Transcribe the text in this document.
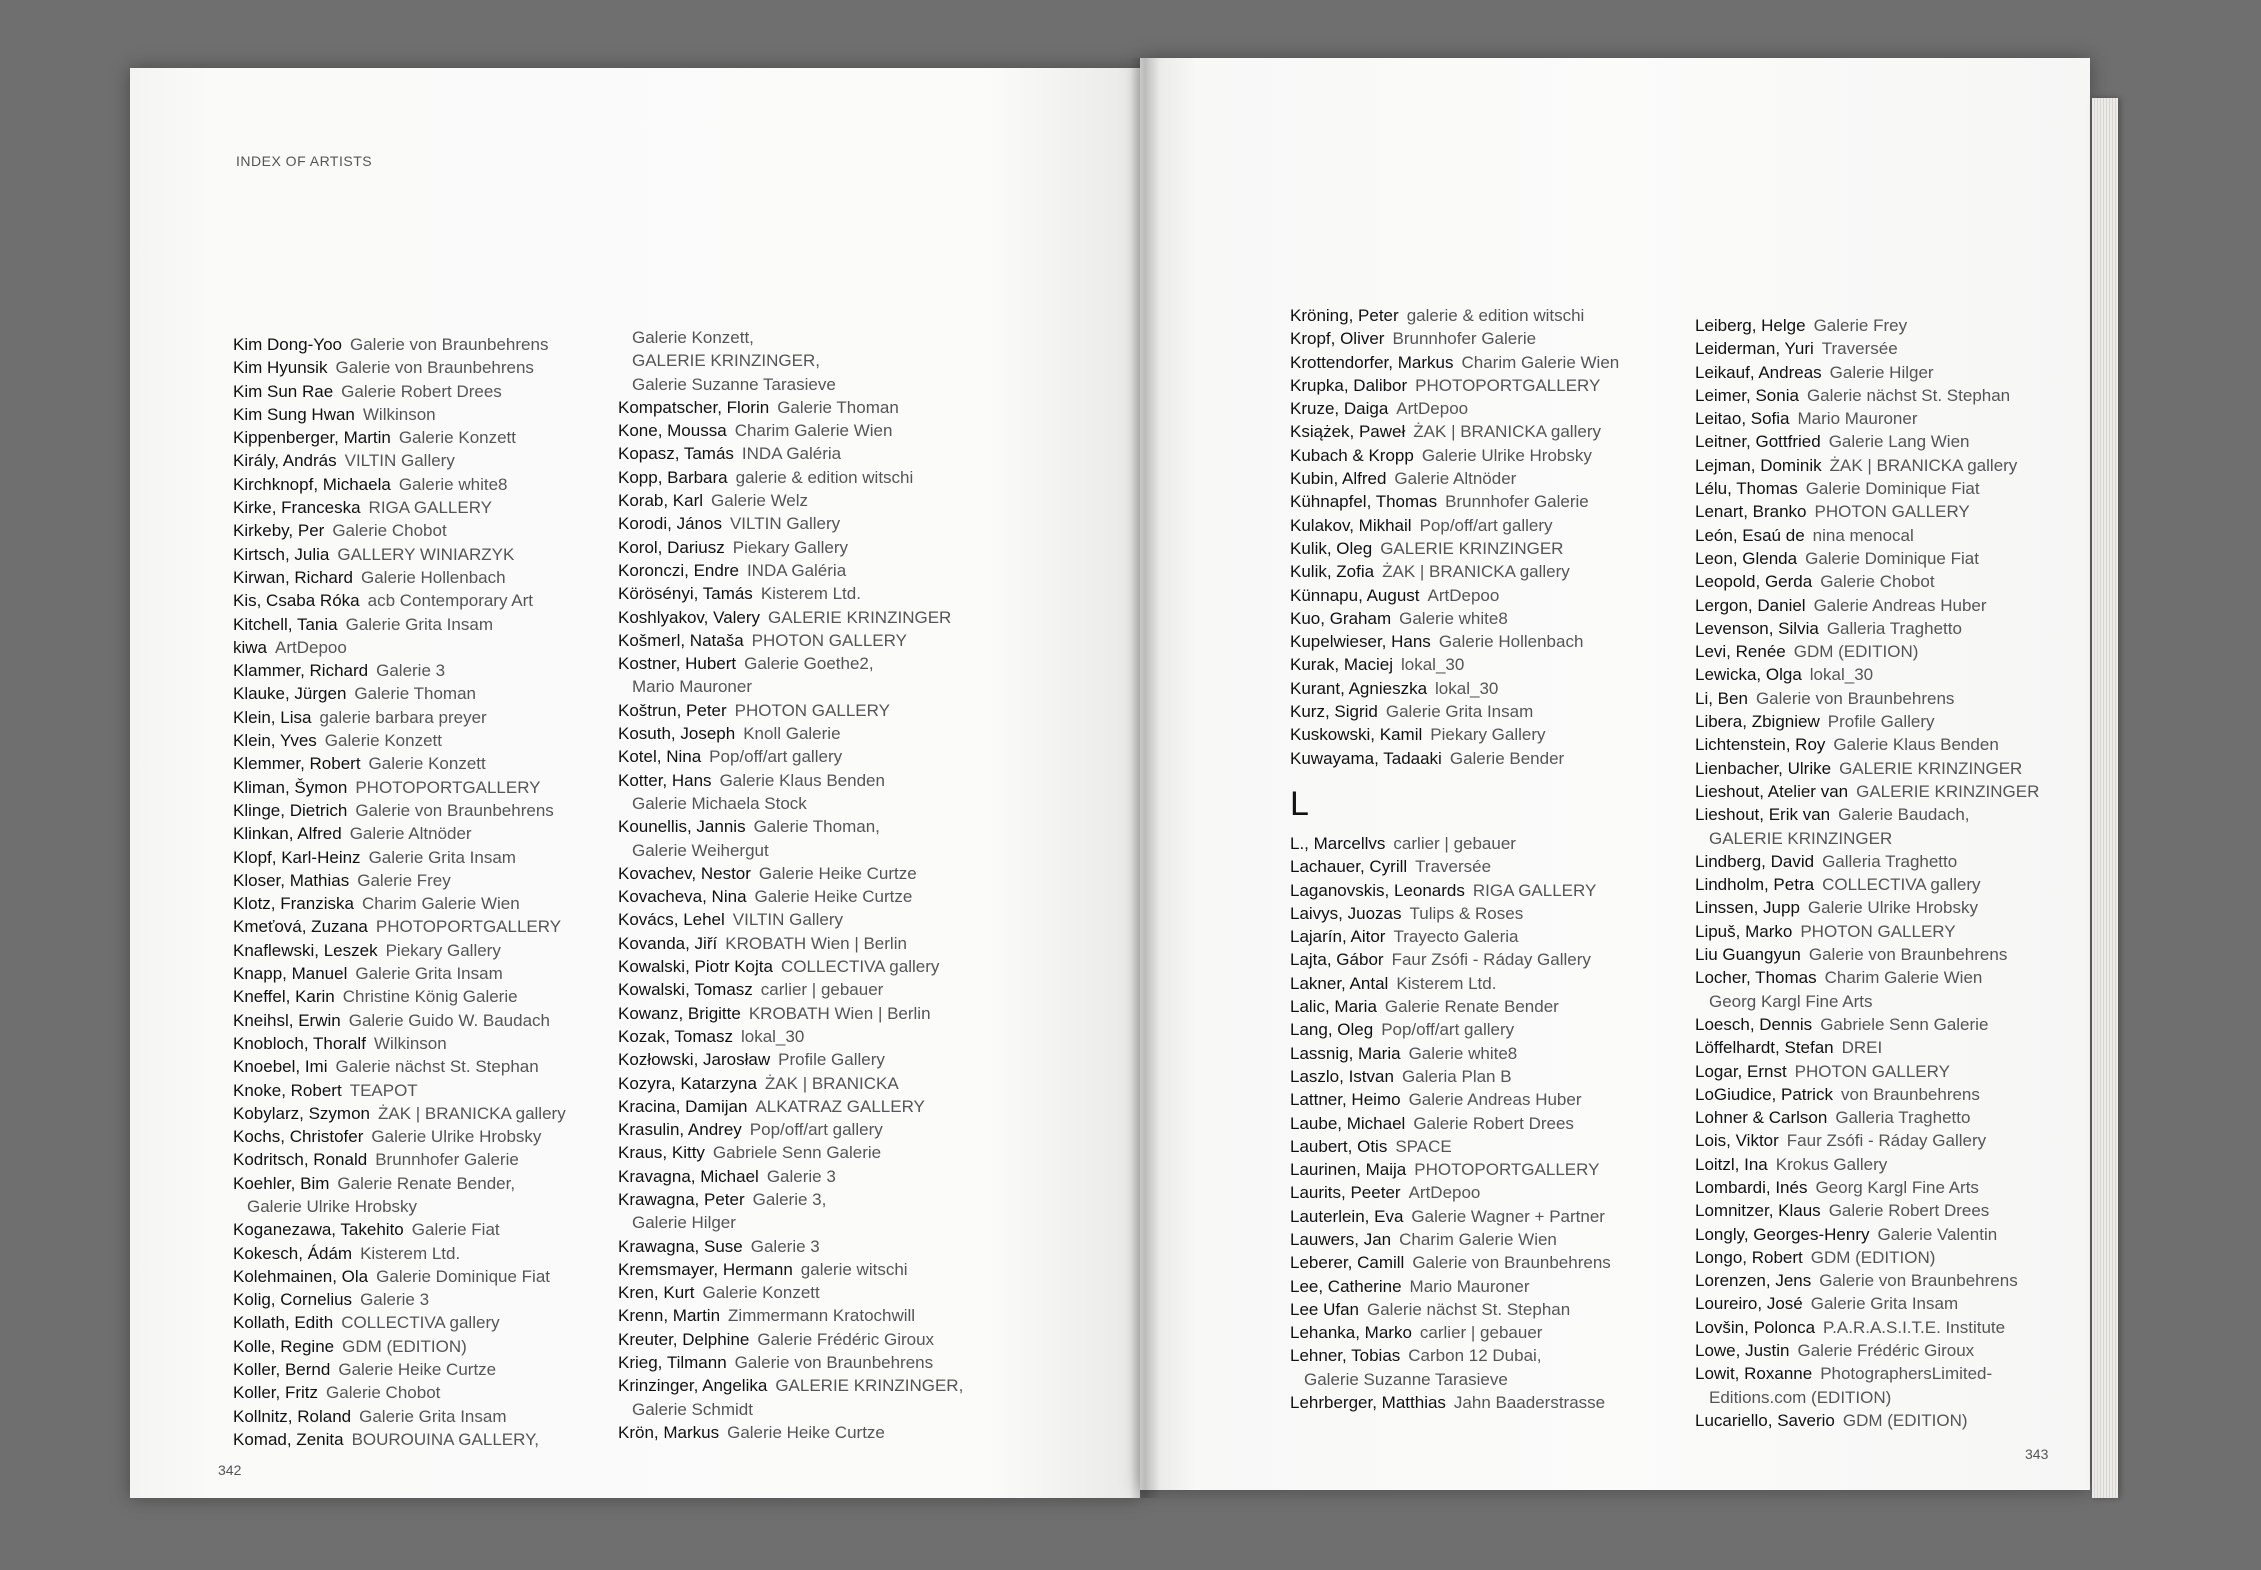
INDEX OF ARTISTS
Kim Dong-Yoo Galerie von Braunbehrens
Kim Hyunsik Galerie von Braunbehrens
Kim Sun Rae Galerie Robert Drees
Kim Sung Hwan Wilkinson
Kippenberger, Martin Galerie Konzett
Király, András VILTIN Gallery
Kirchknopf, Michaela Galerie white8
Kirke, Franceska RIGA GALLERY
Kirkeby, Per Galerie Chobot
Kirtsch, Julia GALLERY WINIARZYK
Kirwan, Richard Galerie Hollenbach
Kis, Csaba Róka acb Contemporary Art
Kitchell, Tania Galerie Grita Insam
kiwa ArtDepoo
Klammer, Richard Galerie 3
Klauke, Jürgen Galerie Thoman
Klein, Lisa galerie barbara preyer
Klein, Yves Galerie Konzett
Klemmer, Robert Galerie Konzett
Kliman, Šymon PHOTOPORTGALLERY
Klinge, Dietrich Galerie von Braunbehrens
Klinkan, Alfred Galerie Altnöder
Klopf, Karl-Heinz Galerie Grita Insam
Kloser, Mathias Galerie Frey
Klotz, Franziska Charim Galerie Wien
Kmeťová, Zuzana PHOTOPORTGALLERY
Knaflewski, Leszek Piekary Gallery
Knapp, Manuel Galerie Grita Insam
Kneffel, Karin Christine König Galerie
Kneihsl, Erwin Galerie Guido W. Baudach
Knobloch, Thoralf Wilkinson
Knoebel, Imi Galerie nächst St. Stephan
Knoke, Robert TEAPOT
Kobylarz, Szymon ŻAK | BRANICKA gallery
Kochs, Christofer Galerie Ulrike Hrobsky
Kodritsch, Ronald Brunnhofer Galerie
Koehler, Bim Galerie Renate Bender,
Galerie Ulrike Hrobsky
Koganezawa, Takehito Galerie Fiat
Kokesch, Ádám Kisterem Ltd.
Kolehmainen, Ola Galerie Dominique Fiat
Kolig, Cornelius Galerie 3
Kollath, Edith COLLECTIVA gallery
Kolle, Regine GDM (EDITION)
Koller, Bernd Galerie Heike Curtze
Koller, Fritz Galerie Chobot
Kollnitz, Roland Galerie Grita Insam
Komad, Zenita BOUROUINA GALLERY,
Galerie Konzett,
GALERIE KRINZINGER,
Galerie Suzanne Tarasieve
Kompatscher, Florin Galerie Thoman
Kone, Moussa Charim Galerie Wien
Kopasz, Tamás INDA Galéria
Kopp, Barbara galerie & edition witschi
Korab, Karl Galerie Welz
Korodi, János VILTIN Gallery
Korol, Dariusz Piekary Gallery
Koronczi, Endre INDA Galéria
Körösényi, Tamás Kisterem Ltd.
Koshlyakov, Valery GALERIE KRINZINGER
Košmerl, Nataša PHOTON GALLERY
Kostner, Hubert Galerie Goethe2,
Mario Mauroner
Koštrun, Peter PHOTON GALLERY
Kosuth, Joseph Knoll Galerie
Kotel, Nina Pop/off/art gallery
Kotter, Hans Galerie Klaus Benden
Galerie Michaela Stock
Kounellis, Jannis Galerie Thoman,
Galerie Weihergut
Kovachev, Nestor Galerie Heike Curtze
Kovacheva, Nina Galerie Heike Curtze
Kovács, Lehel VILTIN Gallery
Kovanda, Jiří KROBATH Wien | Berlin
Kowalski, Piotr Kojta COLLECTIVA gallery
Kowalski, Tomasz carlier | gebauer
Kowanz, Brigitte KROBATH Wien | Berlin
Kozak, Tomasz lokal_30
Kozłowski, Jarosław Profile Gallery
Kozyra, Katarzyna ŻAK | BRANICKA
Kracina, Damijan ALKATRAZ GALLERY
Krasulin, Andrey Pop/off/art gallery
Kraus, Kitty Gabriele Senn Galerie
Kravagna, Michael Galerie 3
Krawagna, Peter Galerie 3,
Galerie Hilger
Krawagna, Suse Galerie 3
Kremsmayer, Hermann galerie witschi
Kren, Kurt Galerie Konzett
Krenn, Martin Zimmermann Kratochwill
Kreuter, Delphine Galerie Frédéric Giroux
Krieg, Tilmann Galerie von Braunbehrens
Krinzinger, Angelika GALERIE KRINZINGER,
Galerie Schmidt
Krön, Markus Galerie Heike Curtze
342
Kröning, Peter galerie & edition witschi
Kropf, Oliver Brunnhofer Galerie
Krottendorfer, Markus Charim Galerie Wien
Krupka, Dalibor PHOTOPORTGALLERY
Kruze, Daiga ArtDepoo
Książek, Paweł ŻAK | BRANICKA gallery
Kubach & Kropp Galerie Ulrike Hrobsky
Kubin, Alfred Galerie Altnöder
Kühnapfel, Thomas Brunnhofer Galerie
Kulakov, Mikhail Pop/off/art gallery
Kulik, Oleg GALERIE KRINZINGER
Kulik, Zofia ŻAK | BRANICKA gallery
Künnapu, August ArtDepoo
Kuo, Graham Galerie white8
Kupelwieser, Hans Galerie Hollenbach
Kurak, Maciej lokal_30
Kurant, Agnieszka lokal_30
Kurz, Sigrid Galerie Grita Insam
Kuskowski, Kamil Piekary Gallery
Kuwayama, Tadaaki Galerie Bender
L
L., Marcellvs carlier | gebauer
Lachauer, Cyrill Traversée
Laganovskis, Leonards RIGA GALLERY
Laivys, Juozas Tulips & Roses
Lajarín, Aitor Trayecto Galeria
Lajta, Gábor Faur Zsófi - Ráday Gallery
Lakner, Antal Kisterem Ltd.
Lalic, Maria Galerie Renate Bender
Lang, Oleg Pop/off/art gallery
Lassnig, Maria Galerie white8
Laszlo, Istvan Galeria Plan B
Lattner, Heimo Galerie Andreas Huber
Laube, Michael Galerie Robert Drees
Laubert, Otis SPACE
Laurinen, Maija PHOTOPORTGALLERY
Laurits, Peeter ArtDepoo
Lauterlein, Eva Galerie Wagner + Partner
Lauwers, Jan Charim Galerie Wien
Leberer, Camill Galerie von Braunbehrens
Lee, Catherine Mario Mauroner
Lee Ufan Galerie nächst St. Stephan
Lehanka, Marko carlier | gebauer
Lehner, Tobias Carbon 12 Dubai,
Galerie Suzanne Tarasieve
Lehrberger, Matthias Jahn Baaderstrasse
Leiberg, Helge Galerie Frey
Leiderman, Yuri Traversée
Leikauf, Andreas Galerie Hilger
Leimer, Sonia Galerie nächst St. Stephan
Leitao, Sofia Mario Mauroner
Leitner, Gottfried Galerie Lang Wien
Lejman, Dominik ŻAK | BRANICKA gallery
Lélu, Thomas Galerie Dominique Fiat
Lenart, Branko PHOTON GALLERY
León, Esaú de nina menocal
Leon, Glenda Galerie Dominique Fiat
Leopold, Gerda Galerie Chobot
Lergon, Daniel Galerie Andreas Huber
Levenson, Silvia Galleria Traghetto
Levi, Renée GDM (EDITION)
Lewicka, Olga lokal_30
Li, Ben Galerie von Braunbehrens
Libera, Zbigniew Profile Gallery
Lichtenstein, Roy Galerie Klaus Benden
Lienbacher, Ulrike GALERIE KRINZINGER
Lieshout, Atelier van GALERIE KRINZINGER
Lieshout, Erik van Galerie Baudach,
GALERIE KRINZINGER
Lindberg, David Galleria Traghetto
Lindholm, Petra COLLECTIVA gallery
Linssen, Jupp Galerie Ulrike Hrobsky
Lipuš, Marko PHOTON GALLERY
Liu Guangyun Galerie von Braunbehrens
Locher, Thomas Charim Galerie Wien
Georg Kargl Fine Arts
Loesch, Dennis Gabriele Senn Galerie
Löffelhardt, Stefan DREI
Logar, Ernst PHOTON GALLERY
LoGiudice, Patrick von Braunbehrens
Lohner & Carlson Galleria Traghetto
Lois, Viktor Faur Zsófi - Ráday Gallery
Loitzl, Ina Krokus Gallery
Lombardi, Inés Georg Kargl Fine Arts
Lomnitzer, Klaus Galerie Robert Drees
Longly, Georges-Henry Galerie Valentin
Longo, Robert GDM (EDITION)
Lorenzen, Jens Galerie von Braunbehrens
Loureiro, José Galerie Grita Insam
Lovšin, Polonca P.A.R.A.S.I.T.E. Institute
Lowe, Justin Galerie Frédéric Giroux
Lowit, Roxanne PhotographersLimited-
Editions.com (EDITION)
Lucariello, Saverio GDM (EDITION)
343
